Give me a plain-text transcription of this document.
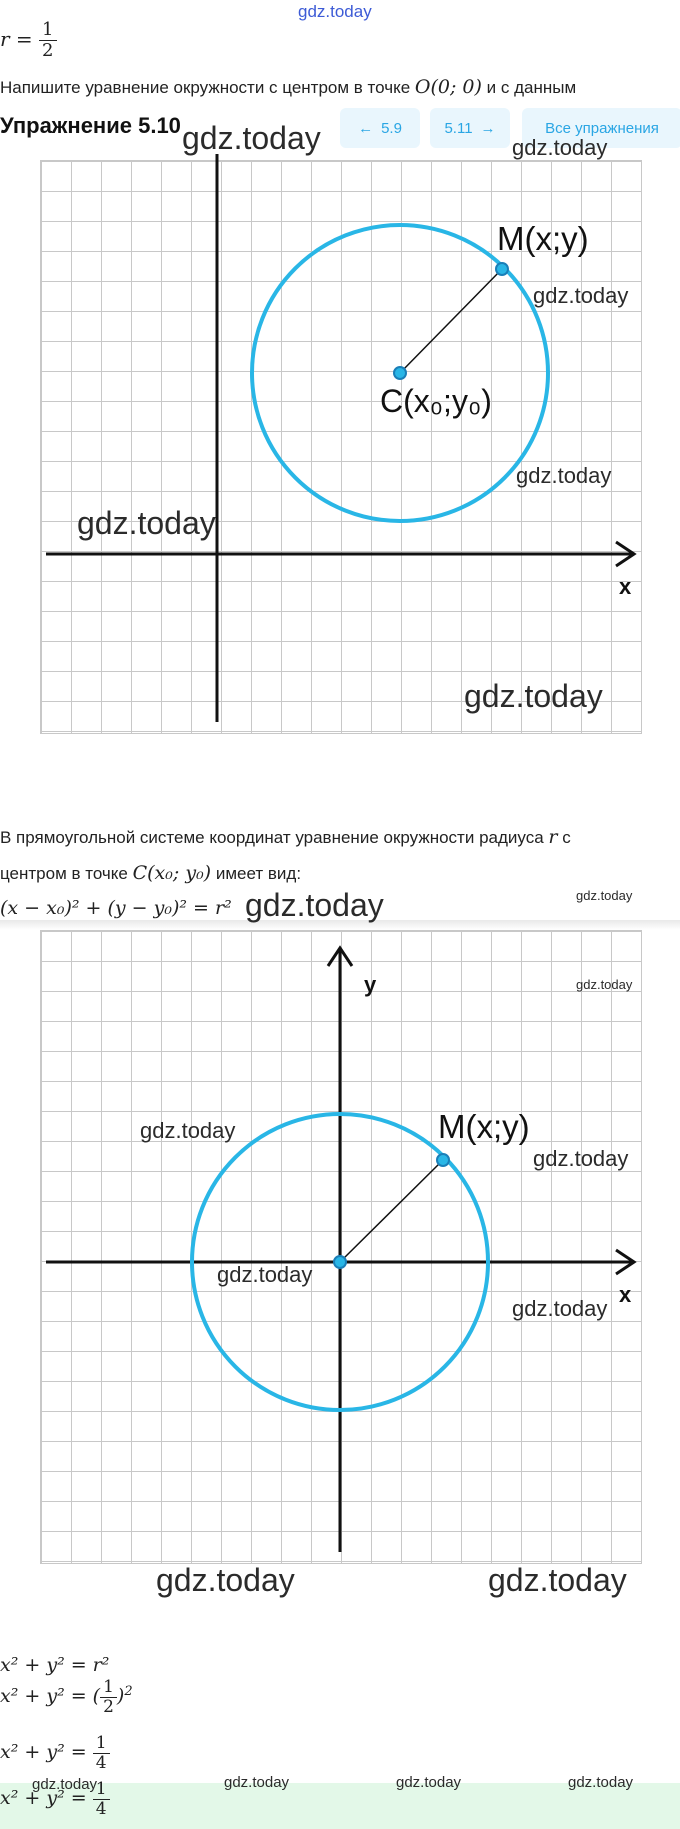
gdz.today
$r = \frac{1}{2}$
Напишите уравнение окружности с центром в точке O(0; 0) и с данным
Упражнение 5.10	← 5.9	5.11 →	Все упражнения
M(x;y)
C(x₀;y₀)
x
В прямоугольной системе координат уравнение окружности радиуса r с
центром в точке C(x₀; y₀) имеет вид:
(x − x₀)² + (y − y₀)² = r²
y
M(x;y)
x
x² + y² = r²
x² + y² = ( $\frac{1}{2} )^2$
$x^2 + y^2 = \frac{1}{4}$
$x^2 + y^2 = \frac{1}{4}$
gdz.today	gdz.today
gdz.today
gdz.today
gdz.today
gdz.today
gdz.today	gdz.today
gdz.today
gdz.today
gdz.today
gdz.today
gdz.today
gdz.today	gdz.today
gdz.today	gdz.today	gdz.today	gdz.today
